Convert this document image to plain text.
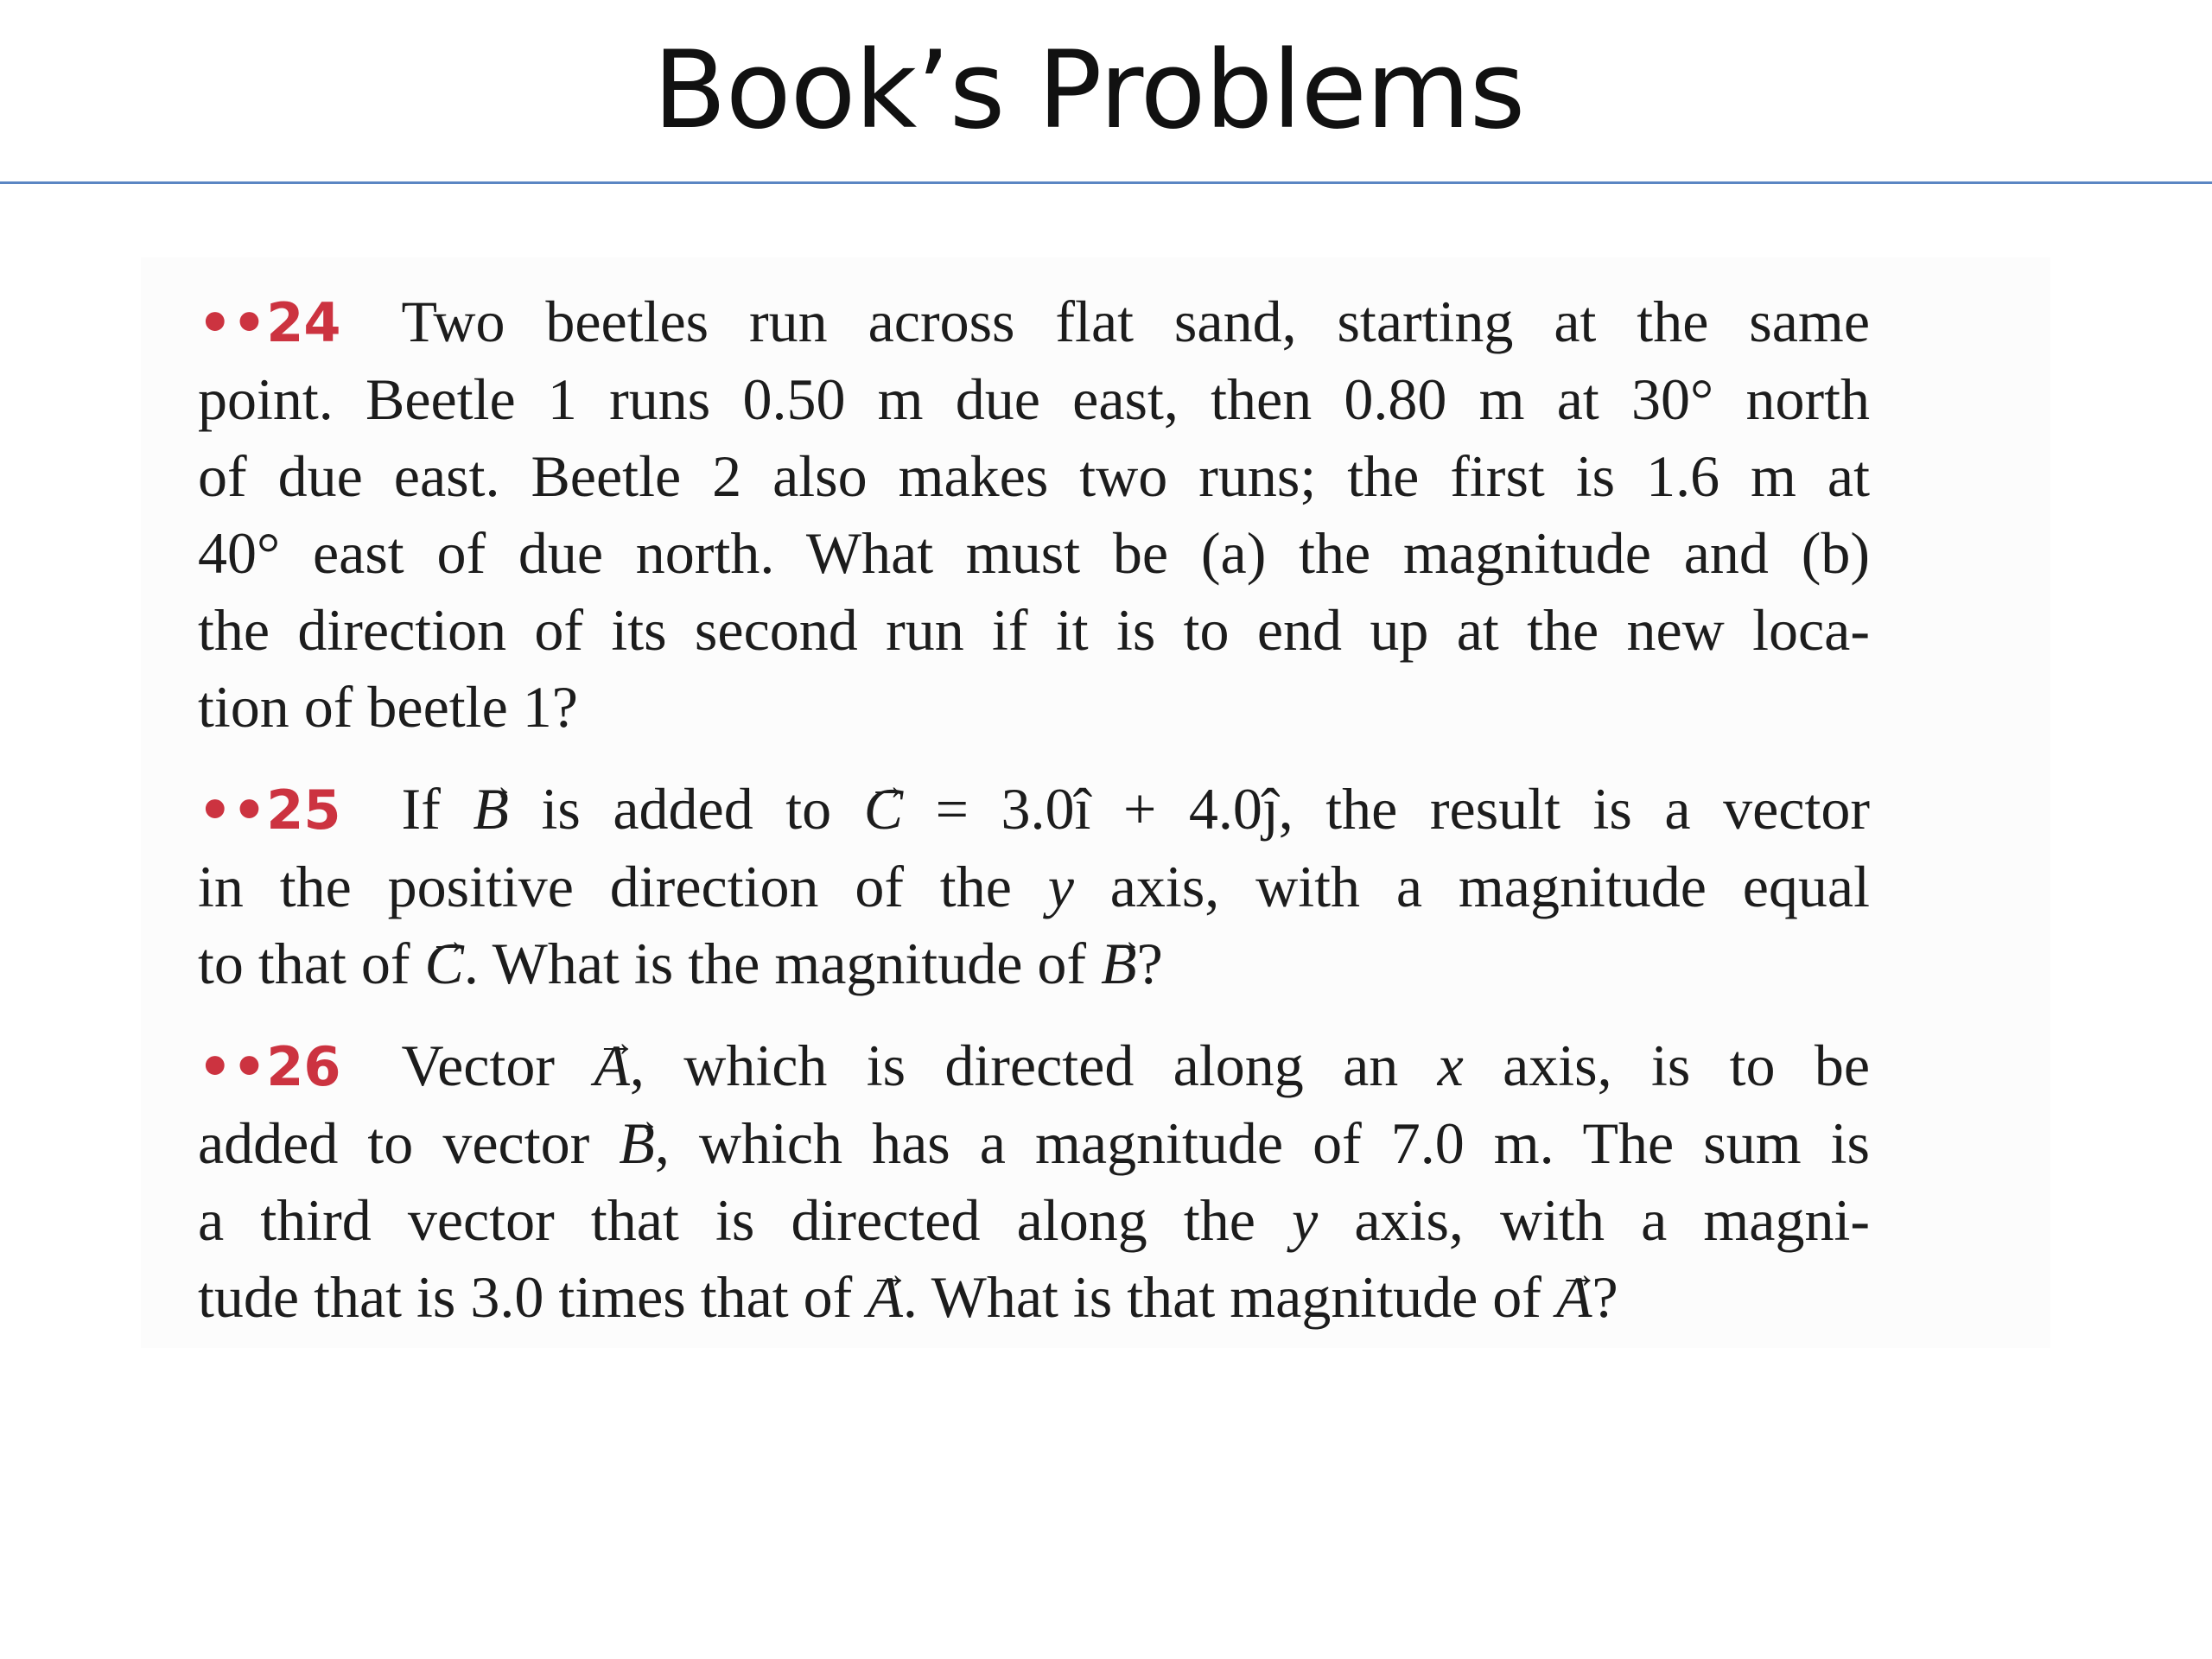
Book’s Problems
••24 Two beetles run across flat sand, starting at the same
point. Beetle 1 runs 0.50 m due east, then 0.80 m at 30° north
of due east. Beetle 2 also makes two runs; the first is 1.6 m at
40° east of due north. What must be (a) the magnitude and (b)
the direction of its second run if it is to end up at the new loca-
tion of beetle 1?
••25 If → B is added to → C = 3.0î + 4.0ĵ, the result is a vector
in the positive direction of the y axis, with a magnitude equal
to that of → C. What is the magnitude of → B?
••26 Vector → A, which is directed along an x axis, is to be
added to vector → B, which has a magnitude of 7.0 m. The sum is
a third vector that is directed along the y axis, with a magni-
tude that is 3.0 times that of → A. What is that magnitude of → A?
